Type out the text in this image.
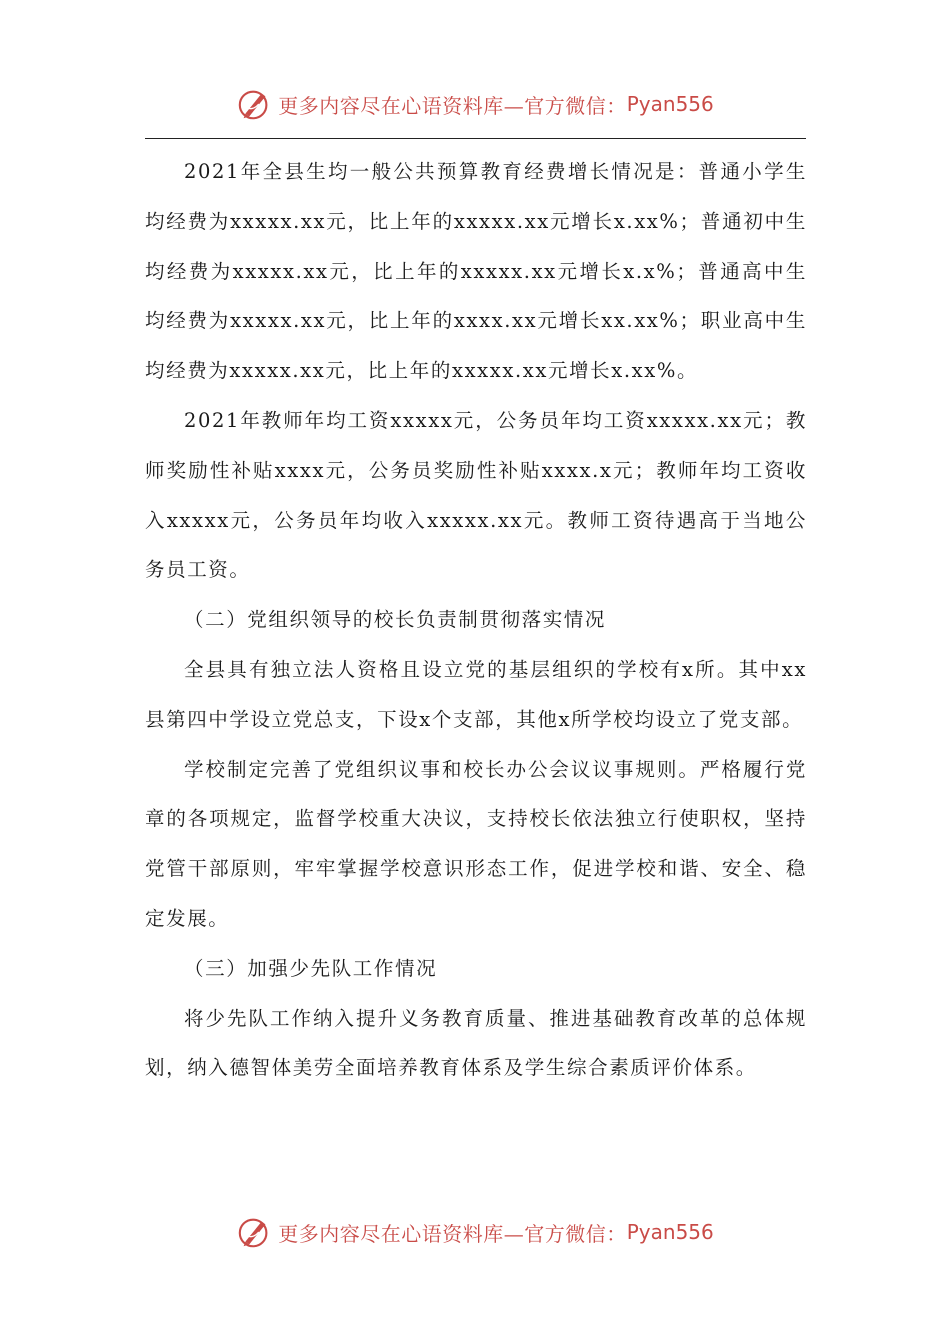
更多内容尽在心语资料库—官方微信： Pyan556

2021年全县生均一般公共预算教育经费增长情况是：普通小学生均经费为xxxxx.xx元，比上年的xxxxx.xx元增长x.xx%；普通初中生均经费为xxxxx.xx元，比上年的xxxxx.xx元增长x.x%；普通高中生均经费为xxxxx.xx元，比上年的xxxx.xx元增长xx.xx%；职业高中生均经费为xxxxx.xx元，比上年的xxxxx.xx元增长x.xx%。

2021年教师年均工资xxxxx元，公务员年均工资xxxxx.xx元；教师奖励性补贴xxxx元，公务员奖励性补贴xxxx.x元；教师年均工资收入xxxxx元，公务员年均收入xxxxx.xx元。教师工资待遇高于当地公务员工资。

（二）党组织领导的校长负责制贯彻落实情况

全县具有独立法人资格且设立党的基层组织的学校有x所。其中xx县第四中学设立党总支，下设x个支部，其他x所学校均设立了党支部。

学校制定完善了党组织议事和校长办公会议议事规则。严格履行党章的各项规定，监督学校重大决议，支持校长依法独立行使职权，坚持党管干部原则，牢牢掌握学校意识形态工作，促进学校和谐、安全、稳定发展。

（三）加强少先队工作情况

将少先队工作纳入提升义务教育质量、推进基础教育改革的总体规划，纳入德智体美劳全面培养教育体系及学生综合素质评价体系。

更多内容尽在心语资料库—官方微信： Pyan556
